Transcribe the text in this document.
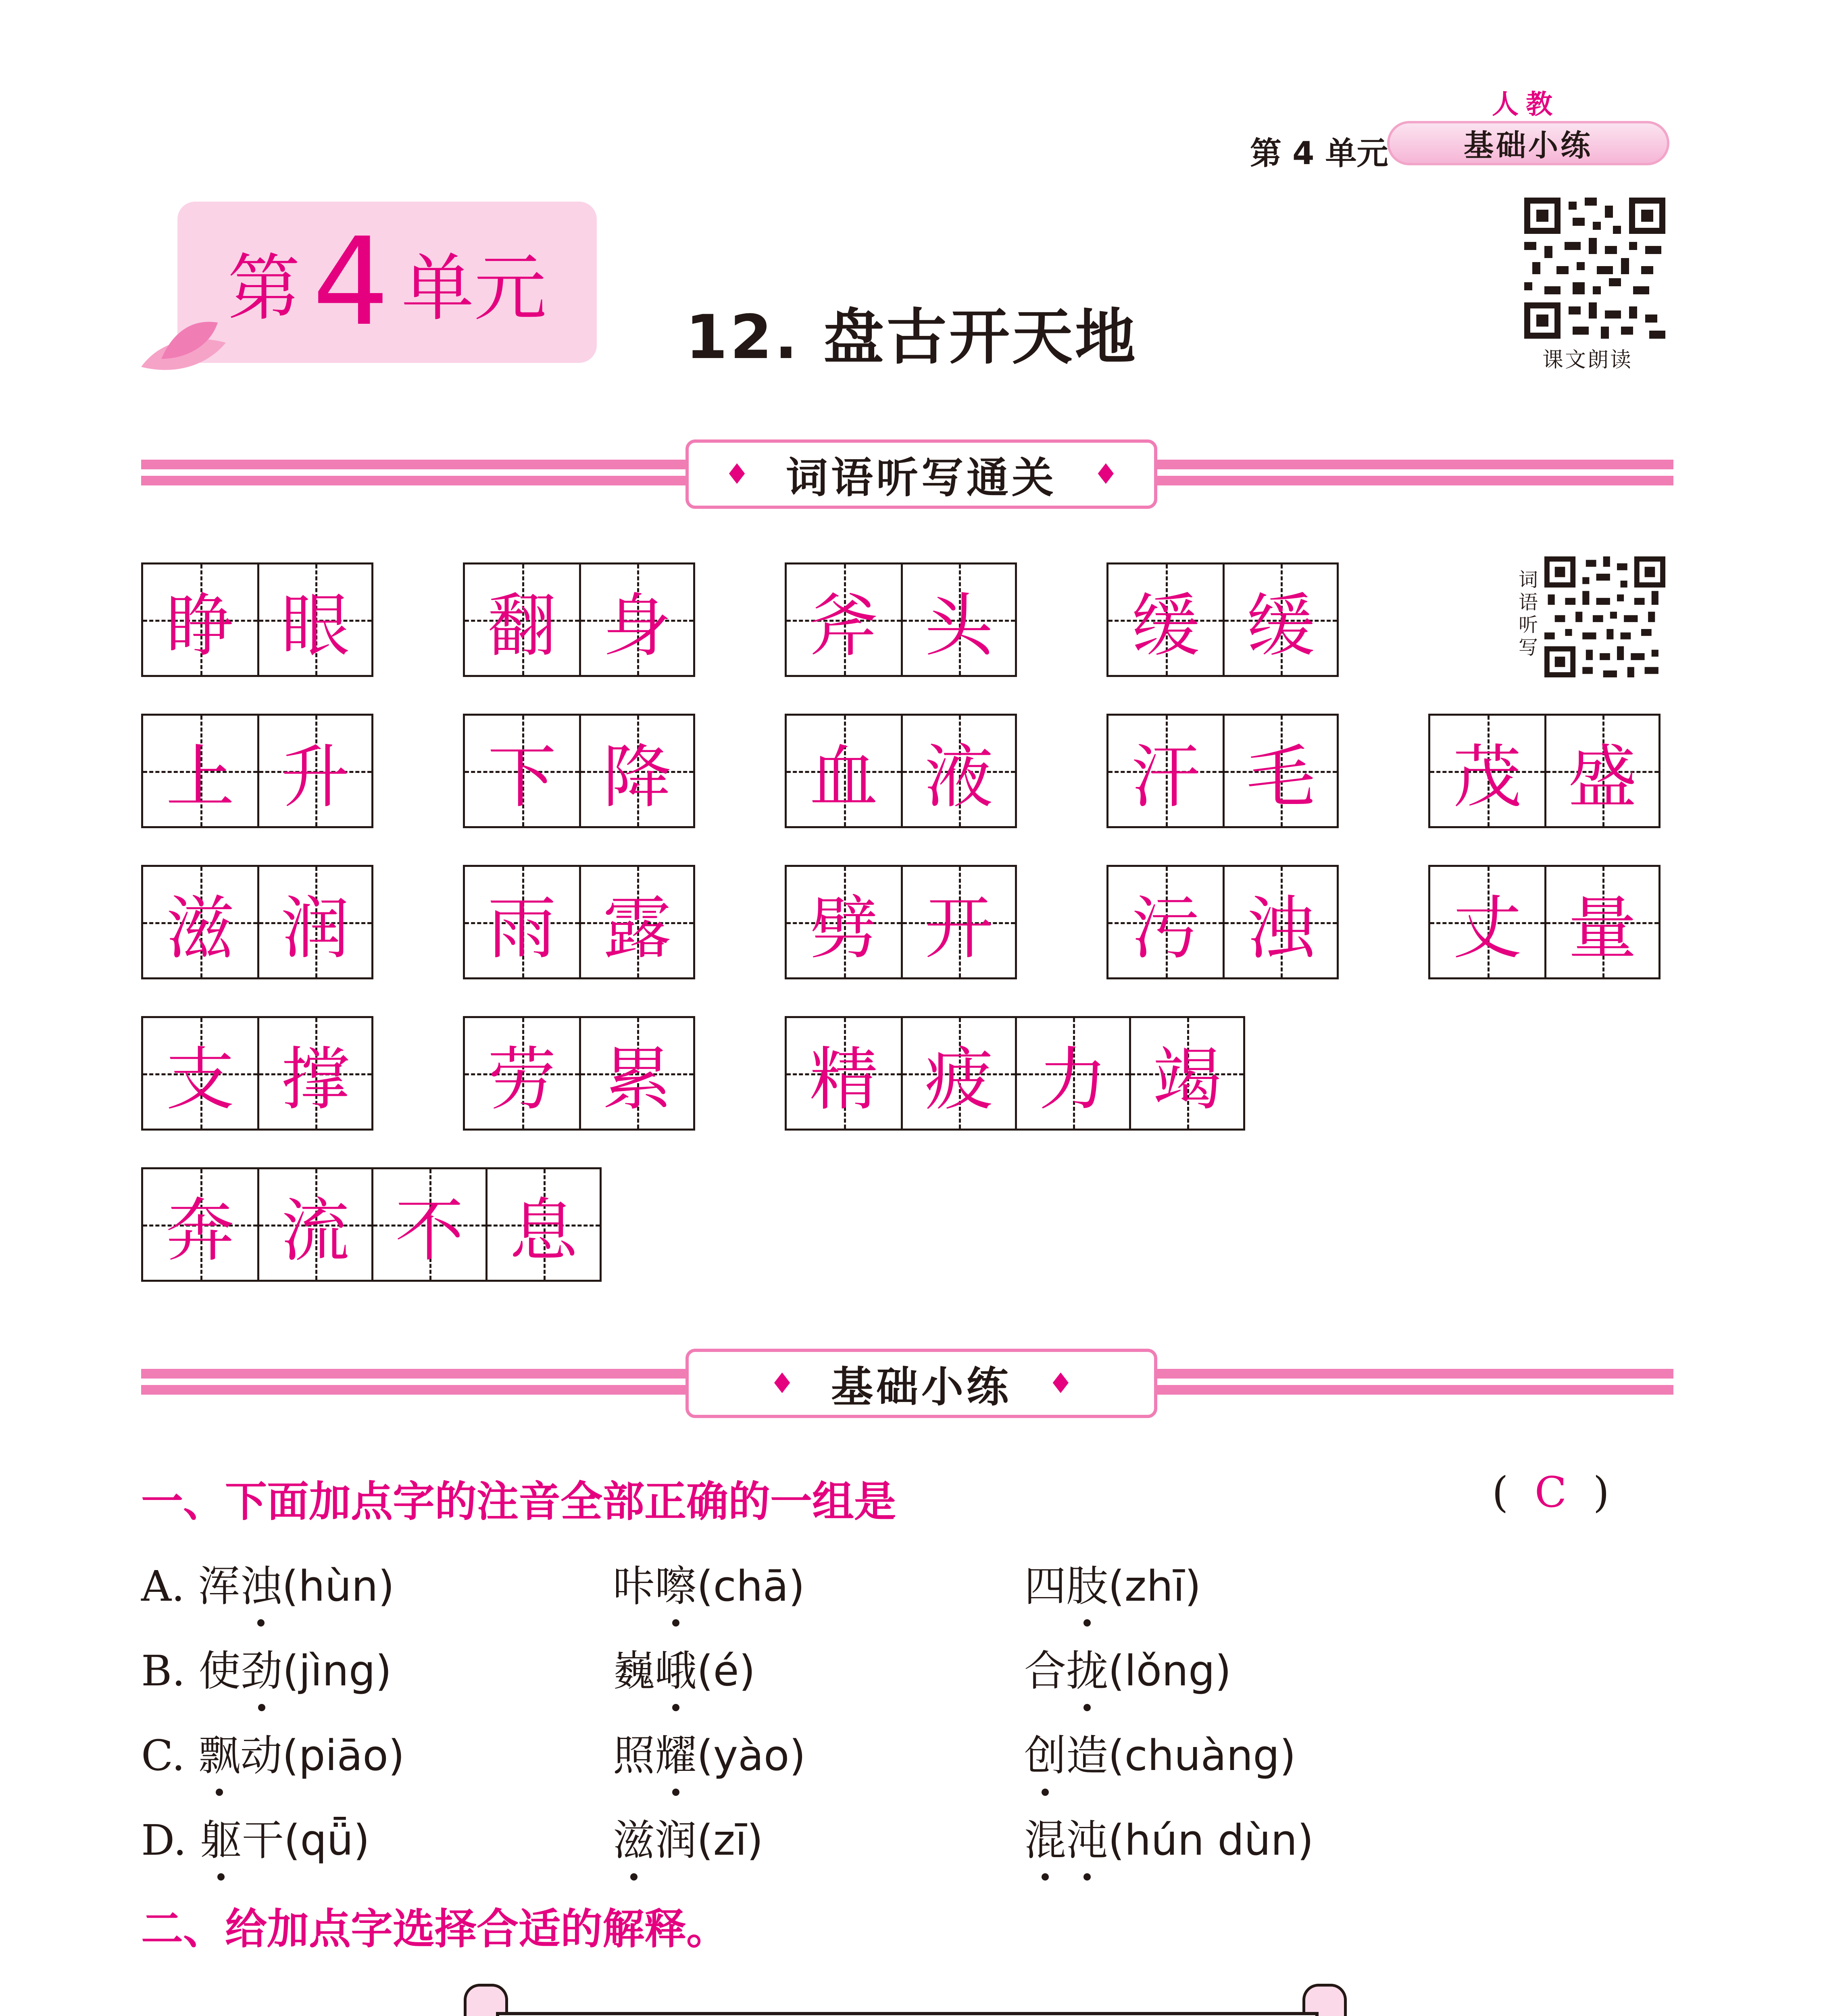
人教
第 4 单元	基础小练
第 4 单元
12. 盘古开天地	课文朗读
♦ 词语听写通关 ♦
词
语
听
写
睁 眼	翻 身	斧 头	缓 缓
上 升	下 降	血 液	汗 毛	茂 盛
滋 润	雨 露	劈 开	污 浊	丈 量
支 撑	劳 累	精 疲 力 竭
奔 流 不 息
♦ 基础小练 ♦
一、下面加点字的注音全部正确的一组是	( C )
A. 浑浊(hùn)	咔嚓(chā)	四肢(zhī)
B. 使劲(jìng)	巍峨(é)	合拢(lǒng)
C. 飘动(piāo)	照耀(yào)	创造(chuàng)
D. 躯干(qǖ)	滋润(zī)	混沌(hún dùn)
二、给加点字选择合适的解释。
